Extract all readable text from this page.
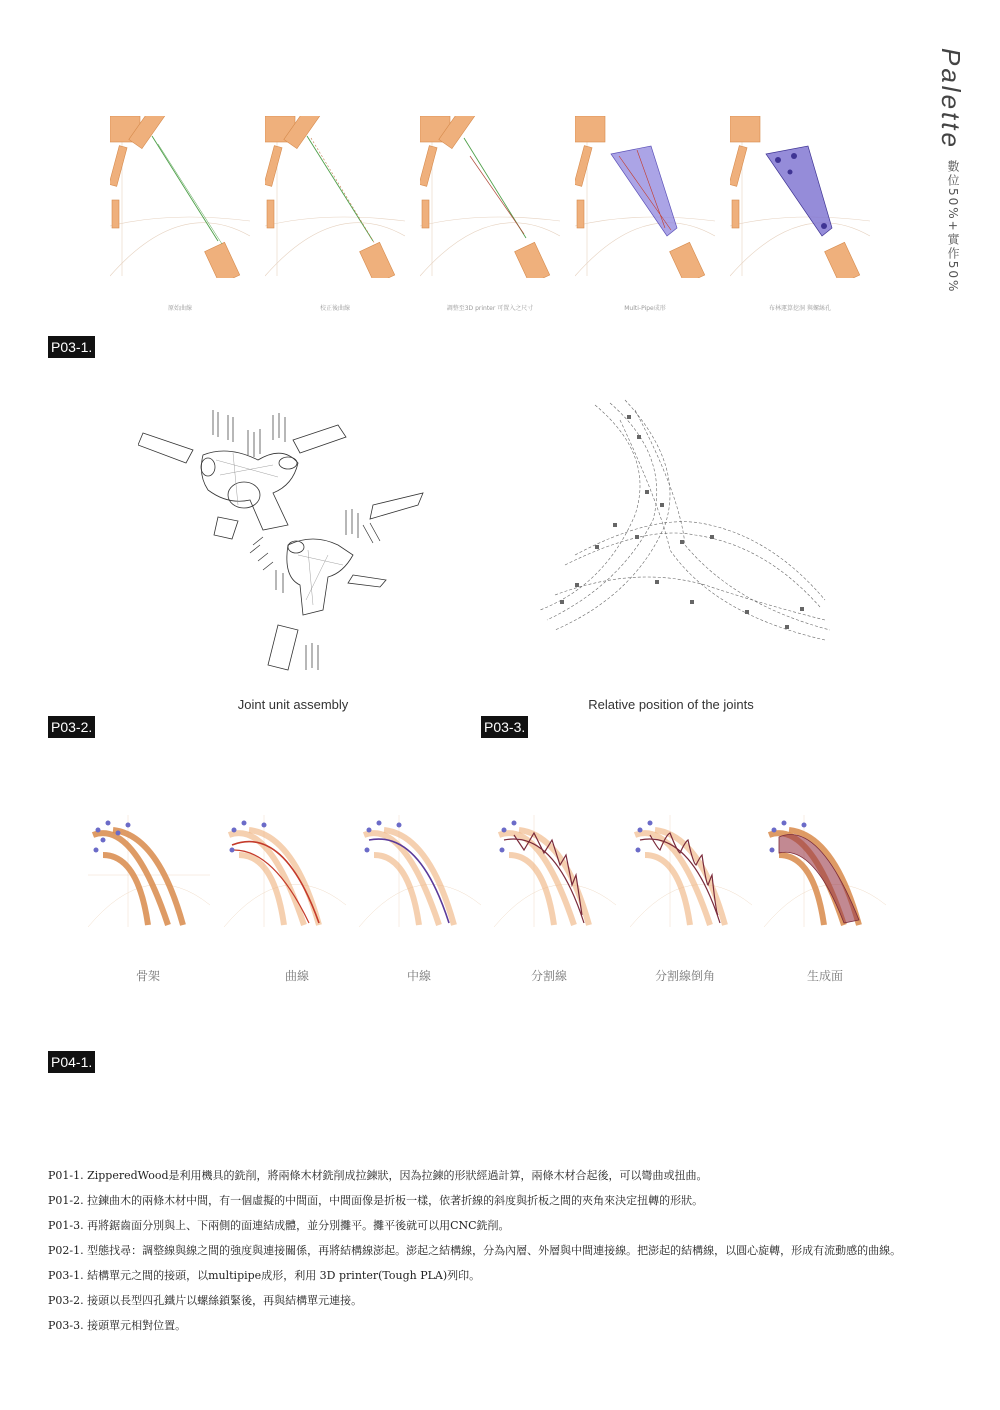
Palette
數位50%+實作50%
原始曲線	校正後曲線	調整至3D printer 可置入之尺寸	Multi-Pipe成形	布林運算挖洞 與螺絲孔
P03-1.
Joint unit assembly	Relative position of the joints
P03-2.	P03-3.
骨架	曲線	中線	分割線	分割線倒角	生成面
P04-1.

P01-1. ZipperedWood是利用機具的銑削，將兩條木材銑削成拉鍊狀，因為拉鍊的形狀經過計算，兩條木材合起後，可以彎曲或扭曲。

P01-2. 拉鍊曲木的兩條木材中間，有一個虛擬的中間面，中間面像是折板一樣，依著折線的斜度與折板之間的夾角來決定扭轉的形狀。

P01-3. 再將鋸齒面分別與上、下兩側的面連結成體，並分別攤平。攤平後就可以用CNC銑削。

P02-1. 型態找尋：調整線與線之間的強度與連接關係，再將結構線澎起。澎起之結構線，分為內層、外層與中間連接線。把澎起的結構線，以圓心旋轉，形成有流動感的曲線。

P03-1. 結構單元之間的接頭，以multipipe成形，利用 3D printer(Tough PLA)列印。

P03-2. 接頭以長型四孔鐵片以螺絲鎖緊後，再與結構單元連接。

P03-3. 接頭單元相對位置。
